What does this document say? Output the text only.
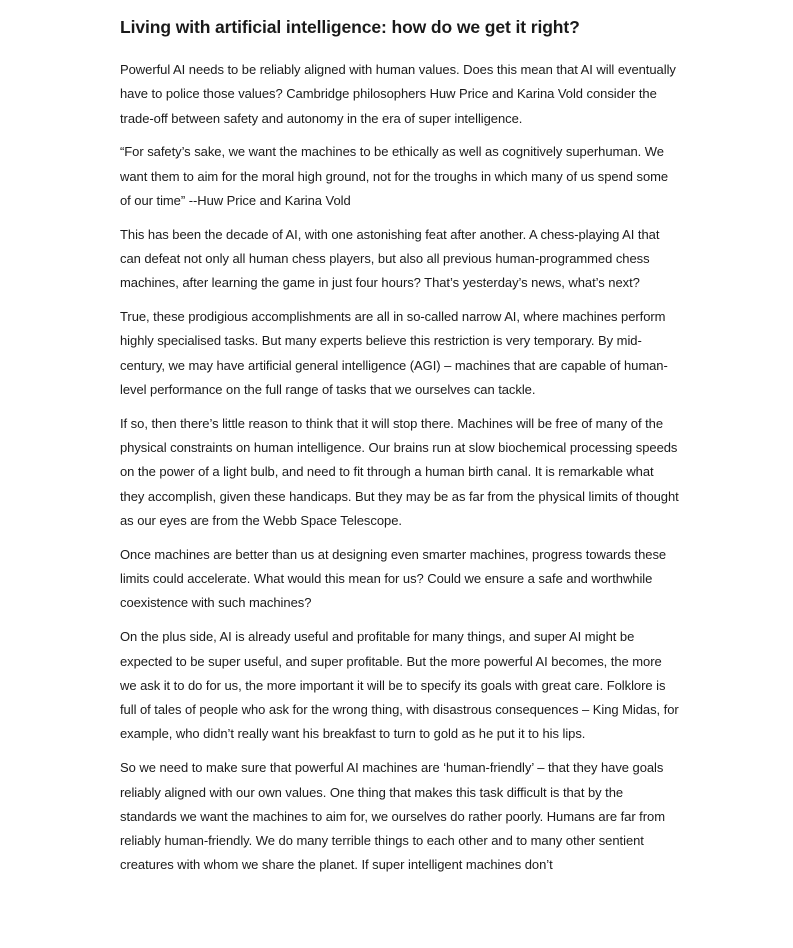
Living with artificial intelligence: how do we get it right?

Powerful AI needs to be reliably aligned with human values. Does this mean that AI will eventually have to police those values? Cambridge philosophers Huw Price and Karina Vold consider the trade-off between safety and autonomy in the era of super intelligence.

“For safety’s sake, we want the machines to be ethically as well as cognitively superhuman. We want them to aim for the moral high ground, not for the troughs in which many of us spend some of our time” --Huw Price and Karina Vold

This has been the decade of AI, with one astonishing feat after another. A chess-playing AI that can defeat not only all human chess players, but also all previous human-programmed chess machines, after learning the game in just four hours? That’s yesterday’s news, what’s next?

True, these prodigious accomplishments are all in so-called narrow AI, where machines perform highly specialised tasks. But many experts believe this restriction is very temporary. By mid-century, we may have artificial general intelligence (AGI) – machines that are capable of human-level performance on the full range of tasks that we ourselves can tackle.

If so, then there’s little reason to think that it will stop there. Machines will be free of many of the physical constraints on human intelligence. Our brains run at slow biochemical processing speeds on the power of a light bulb, and need to fit through a human birth canal. It is remarkable what they accomplish, given these handicaps. But they may be as far from the physical limits of thought as our eyes are from the Webb Space Telescope.

Once machines are better than us at designing even smarter machines, progress towards these limits could accelerate. What would this mean for us? Could we ensure a safe and worthwhile coexistence with such machines?

On the plus side, AI is already useful and profitable for many things, and super AI might be expected to be super useful, and super profitable. But the more powerful AI becomes, the more we ask it to do for us, the more important it will be to specify its goals with great care. Folklore is full of tales of people who ask for the wrong thing, with disastrous consequences – King Midas, for example, who didn’t really want his breakfast to turn to gold as he put it to his lips.

So we need to make sure that powerful AI machines are ‘human-friendly’ – that they have goals reliably aligned with our own values. One thing that makes this task difficult is that by the standards we want the machines to aim for, we ourselves do rather poorly. Humans are far from reliably human-friendly. We do many terrible things to each other and to many other sentient creatures with whom we share the planet. If super intelligent machines don’t
